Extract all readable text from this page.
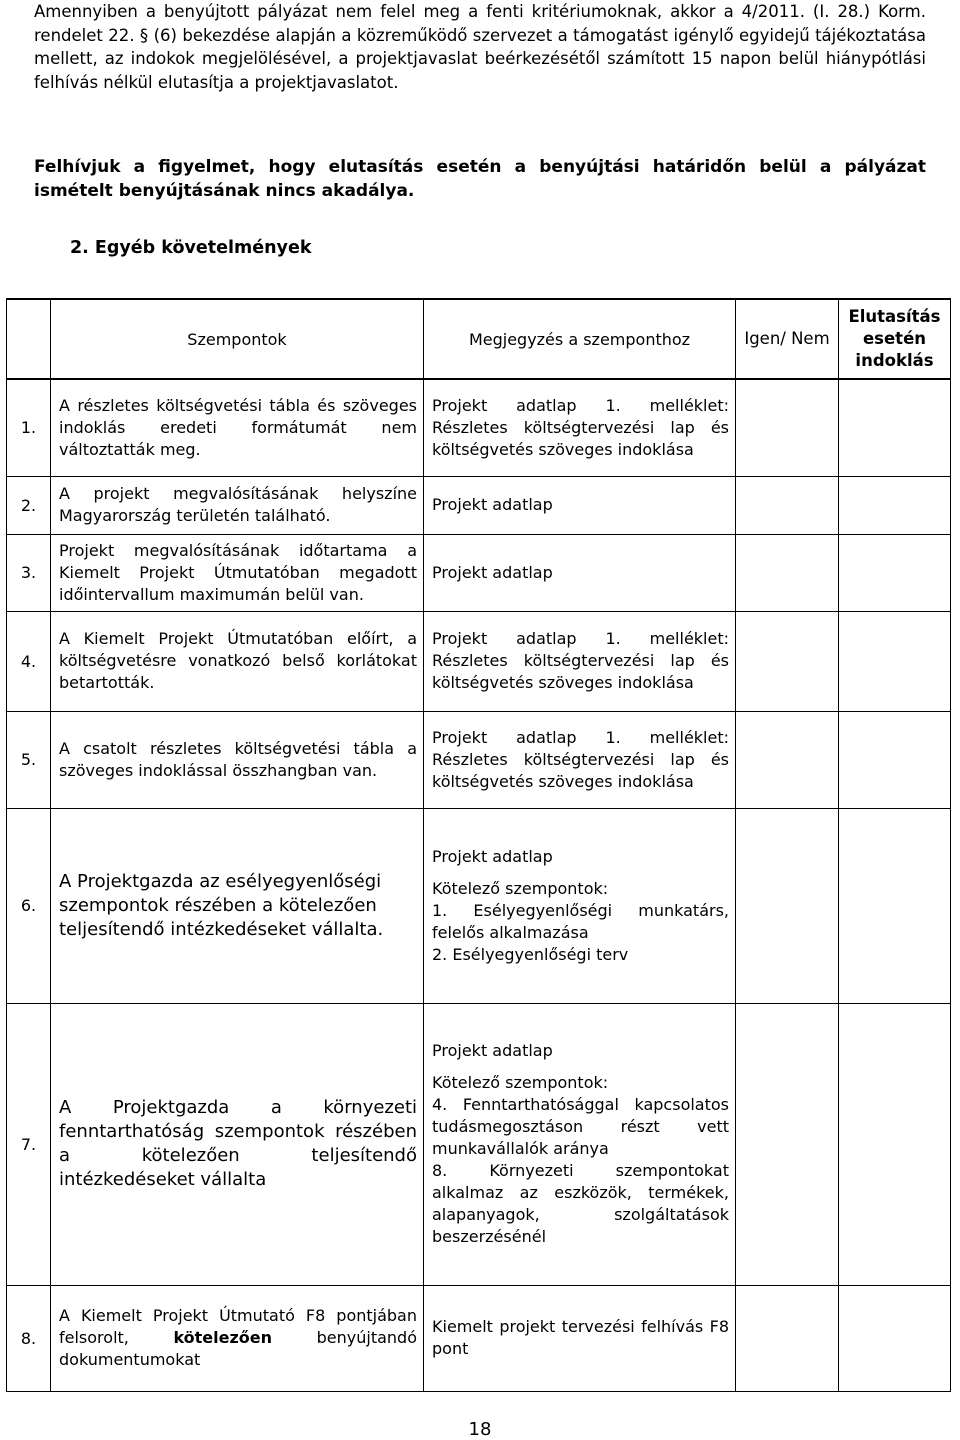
Amennyiben a benyújtott pályázat nem felel meg a fenti kritériumoknak, akkor a 4/2011. (I. 28.) Korm. rendelet 22. § (6) bekezdése alapján a közreműködő szervezet a támogatást igénylő egyidejű tájékoztatása mellett, az indokok megjelölésével, a projektjavaslat beérkezésétől számított 15 napon belül hiánypótlási felhívás nélkül elutasítja a projektjavaslatot.

Felhívjuk a figyelmet, hogy elutasítás esetén a benyújtási határidőn belül a pályázat ismételt benyújtásának nincs akadálya.

2. Egyéb követelmények

	Szempontok	Megjegyzés a szemponthoz	Igen/ Nem	Elutasítás esetén indoklás
1.	A részletes költségvetési tábla és szöveges indoklás eredeti formátumát nem változtatták meg.	Projekt adatlap 1. melléklet: Részletes költségtervezési lap és költségvetés szöveges indoklása		

2.	A projekt megvalósításának helyszíne Magyarország területén található.	Projekt adatlap		

3.	Projekt megvalósításának időtartama a Kiemelt Projekt Útmutatóban megadott időintervallum maximumán belül van.	Projekt adatlap		

4.	A Kiemelt Projekt Útmutatóban előírt, a költségvetésre vonatkozó belső korlátokat betartották.	Projekt adatlap 1. melléklet: Részletes költségtervezési lap és költségvetés szöveges indoklása		

5.	A csatolt részletes költségvetési tábla a szöveges indoklással összhangban van.	Projekt adatlap 1. melléklet: Részletes költségtervezési lap és költségvetés szöveges indoklása		

6.	A Projektgazda az esélyegyenlőségi szempontok részében a kötelezően teljesítendő intézkedéseket vállalta.	Projekt adatlap
Kötelező szempontok:
1. Esélyegyenlőségi munkatárs, felelős alkalmazása
2. Esélyegyenlőségi terv		

7.	A Projektgazda a környezeti fenntarthatóság szempontok részében a kötelezően teljesítendő intézkedéseket vállalta	Projekt adatlap
Kötelező szempontok:
4. Fenntarthatósággal kapcsolatos tudásmegosztáson részt vett munkavállalók aránya
8. Környezeti szempontokat alkalmaz az eszközök, termékek, alapanyagok, szolgáltatások beszerzésénél		

8.	A Kiemelt Projekt Útmutató F8 pontjában felsorolt, kötelezően benyújtandó dokumentumokat	Kiemelt projekt tervezési felhívás F8 pont		

18
